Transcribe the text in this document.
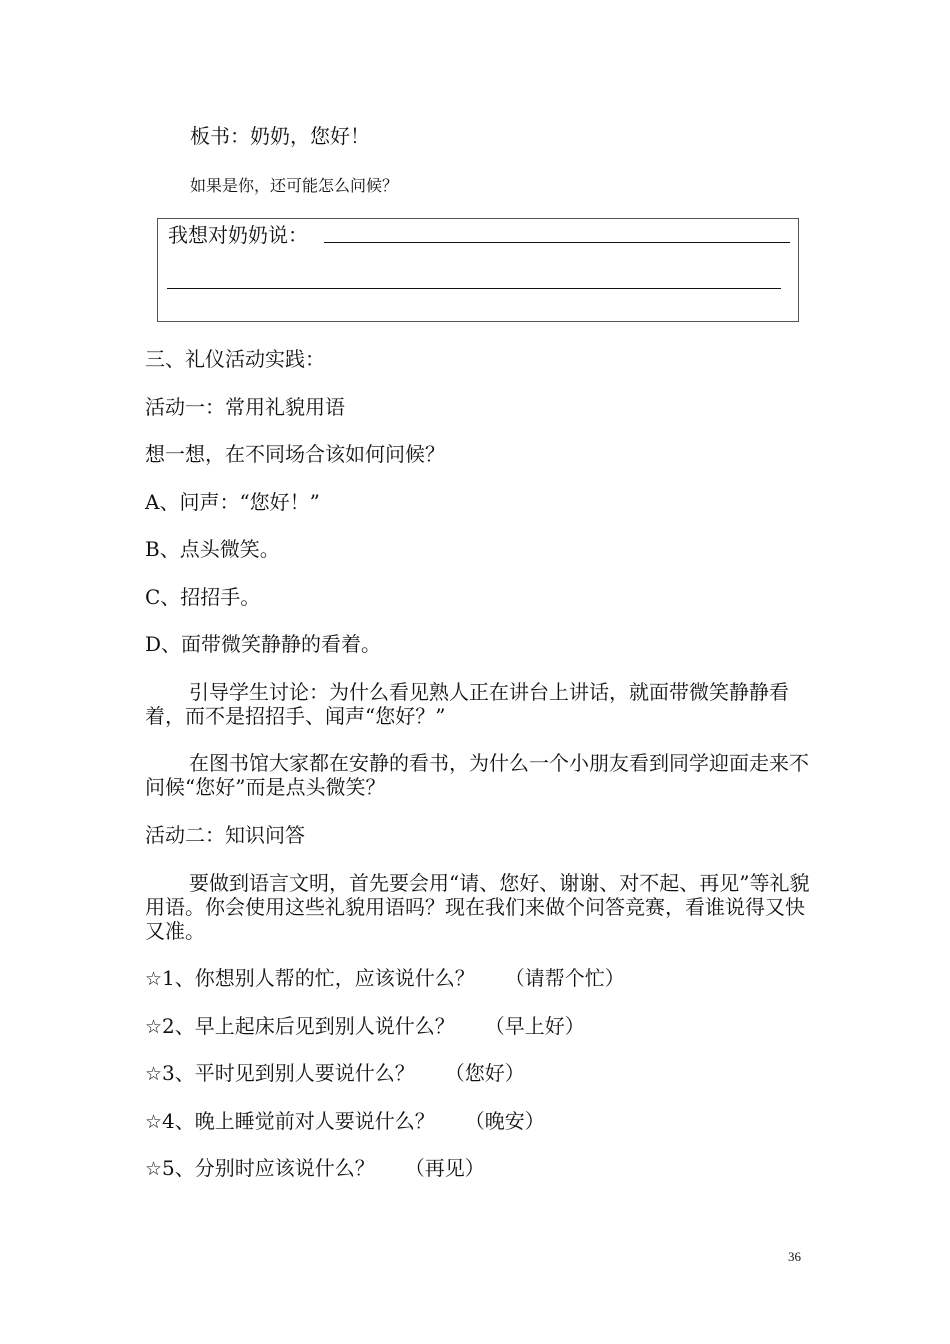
板书：奶奶，您好！
如果是你，还可能怎么问候？
我想对奶奶说：
三、礼仪活动实践：
活动一：常用礼貌用语
想一想，在不同场合该如何问候？
A、问声：“您好！”
B、点头微笑。
C、招招手。
D、面带微笑静静的看着。
引导学生讨论：为什么看见熟人正在讲台上讲话，就面带微笑静静看着，而不是招招手、闻声“您好？”
在图书馆大家都在安静的看书，为什么一个小朋友看到同学迎面走来不问候“您好”而是点头微笑？
活动二：知识问答
要做到语言文明，首先要会用“请、您好、谢谢、对不起、再见”等礼貌用语。你会使用这些礼貌用语吗？现在我们来做个问答竞赛，看谁说得又快又准。
☆1、你想别人帮的忙，应该说什么？ （请帮个忙）
☆2、早上起床后见到别人说什么？ （早上好）
☆3、平时见到别人要说什么？ （您好）
☆4、晚上睡觉前对人要说什么？ （晚安）
☆5、分别时应该说什么？ （再见）
36
